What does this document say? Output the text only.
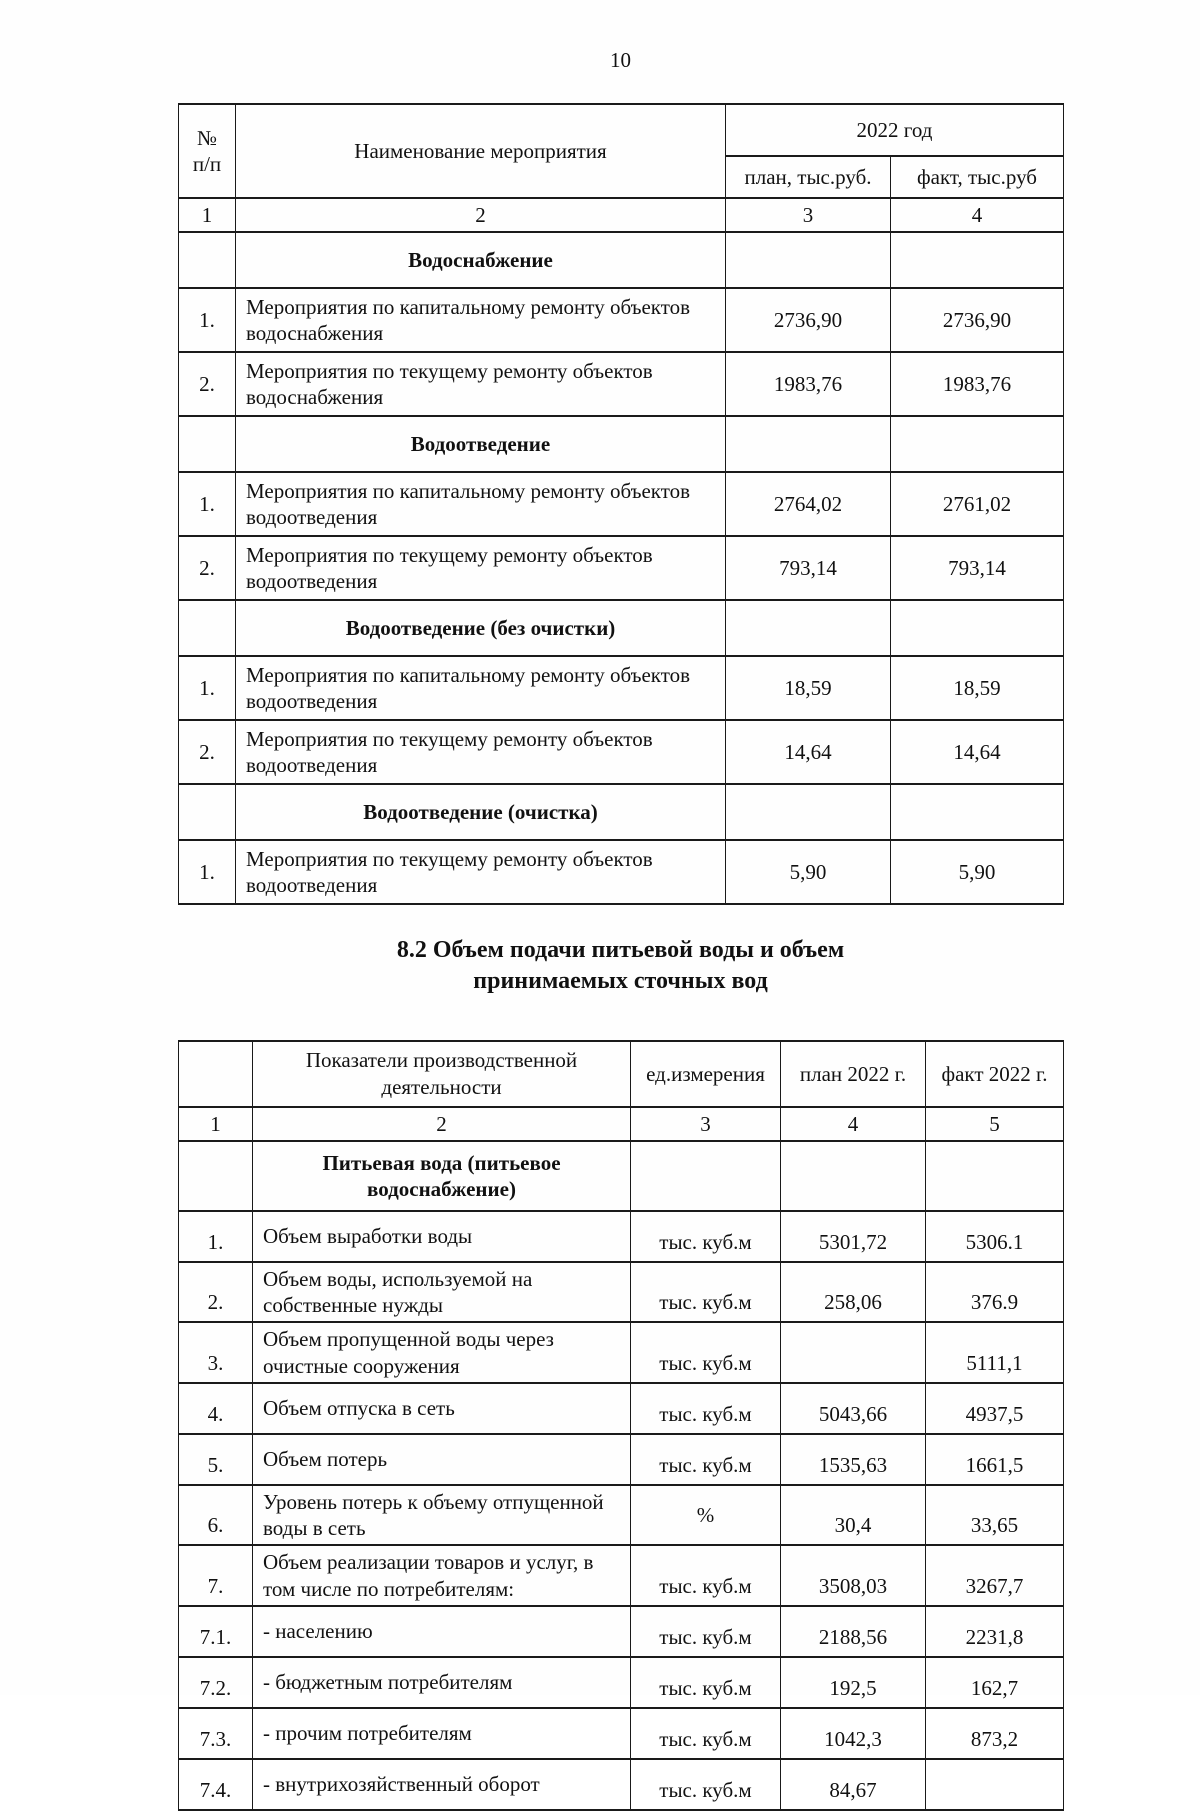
10
№ п/п	Наименование мероприятия	2022 год	
		план, тыс.руб.	факт, тыс.руб
1	2	3	4
	Водоснабжение		
1.	Мероприятия по капитальному ремонту объектов водоснабжения	2736,90	2736,90
2.	Мероприятия по текущему ремонту объектов водоснабжения	1983,76	1983,76
	Водоотведение		
1.	Мероприятия по капитальному ремонту объектов водоотведения	2764,02	2761,02
2.	Мероприятия по текущему ремонту объектов водоотведения	793,14	793,14
	Водоотведение (без очистки)		
1.	Мероприятия по капитальному ремонту объектов водоотведения	18,59	18,59
2.	Мероприятия по текущему ремонту объектов водоотведения	14,64	14,64
	Водоотведение (очистка)		
1.	Мероприятия по текущему ремонту объектов водоотведения	5,90	5,90
8.2 Объем подачи питьевой воды и объем
принимаемых сточных вод
	Показатели производственной деятельности	ед.измерения	план 2022 г.	факт 2022 г.
1	2	3	4	5
	Питьевая вода (питьевое водоснабжение)			
1.	Объем выработки воды	тыс. куб.м	5301,72	5306.1
2.	Объем воды, используемой на собственные нужды	тыс. куб.м	258,06	376.9
3.	Объем пропущенной воды через очистные сооружения	тыс. куб.м		5111,1
4.	Объем отпуска в сеть	тыс. куб.м	5043,66	4937,5
5.	Объем потерь	тыс. куб.м	1535,63	1661,5
6.	Уровень потерь к объему отпущенной воды в сеть	%	30,4	33,65
7.	Объем реализации товаров и услуг, в том числе по потребителям:	тыс. куб.м	3508,03	3267,7
7.1.	- населению	тыс. куб.м	2188,56	2231,8
7.2.	- бюджетным потребителям	тыс. куб.м	192,5	162,7
7.3.	- прочим потребителям	тыс. куб.м	1042,3	873,2
7.4.	- внутрихозяйственный оборот	тыс. куб.м	84,67	
